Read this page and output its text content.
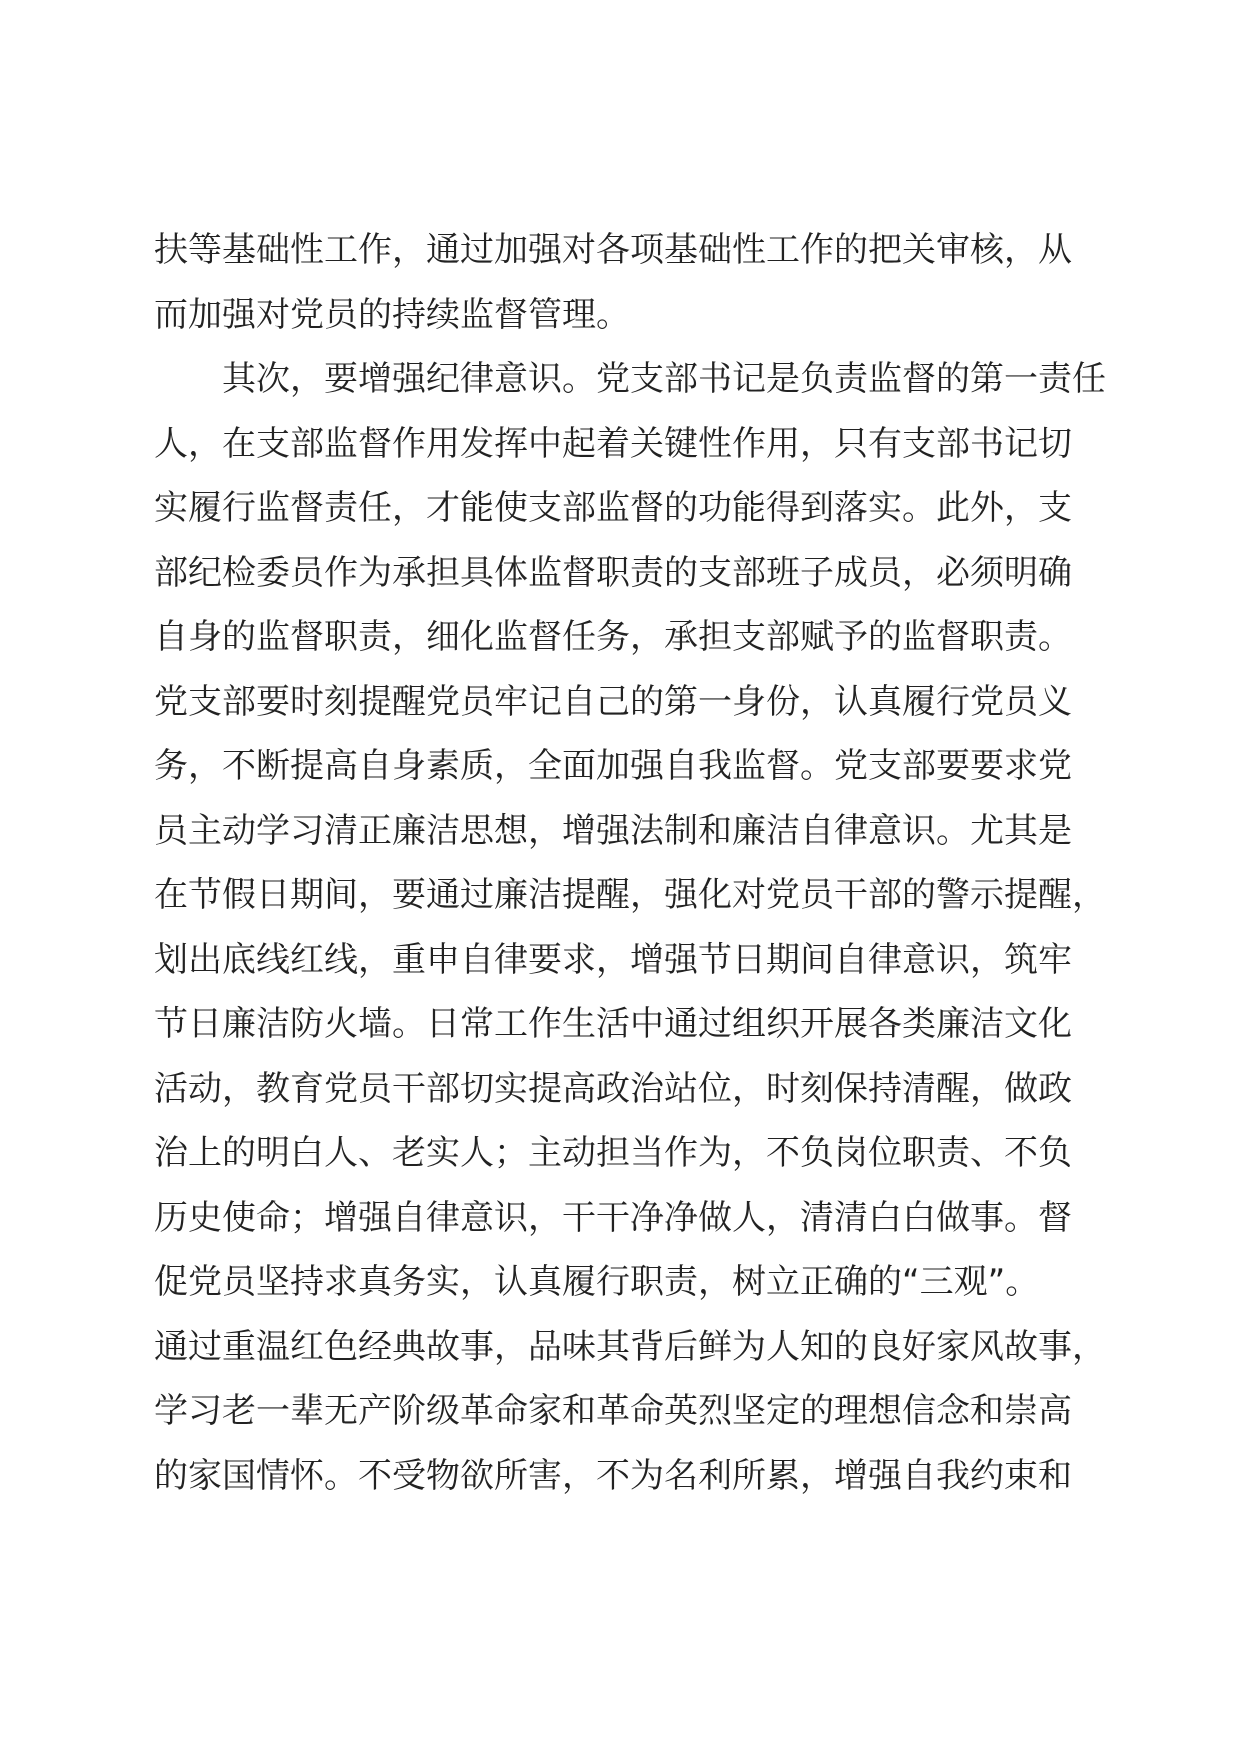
扶等基础性工作，通过加强对各项基础性工作的把关审核，从
而加强对党员的持续监督管理。
　　其次，要增强纪律意识。党支部书记是负责监督的第一责任
人，在支部监督作用发挥中起着关键性作用，只有支部书记切
实履行监督责任，才能使支部监督的功能得到落实。此外，支
部纪检委员作为承担具体监督职责的支部班子成员，必须明确
自身的监督职责，细化监督任务，承担支部赋予的监督职责。
党支部要时刻提醒党员牢记自己的第一身份，认真履行党员义
务，不断提高自身素质，全面加强自我监督。党支部要要求党
员主动学习清正廉洁思想，增强法制和廉洁自律意识。尤其是
在节假日期间，要通过廉洁提醒，强化对党员干部的警示提醒，
划出底线红线，重申自律要求，增强节日期间自律意识，筑牢
节日廉洁防火墙。日常工作生活中通过组织开展各类廉洁文化
活动，教育党员干部切实提高政治站位，时刻保持清醒，做政
治上的明白人、老实人；主动担当作为，不负岗位职责、不负
历史使命；增强自律意识，干干净净做人，清清白白做事。督
促党员坚持求真务实，认真履行职责，树立正确的“三观”。
通过重温红色经典故事，品味其背后鲜为人知的良好家风故事，
学习老一辈无产阶级革命家和革命英烈坚定的理想信念和崇高
的家国情怀。不受物欲所害，不为名利所累，增强自我约束和
